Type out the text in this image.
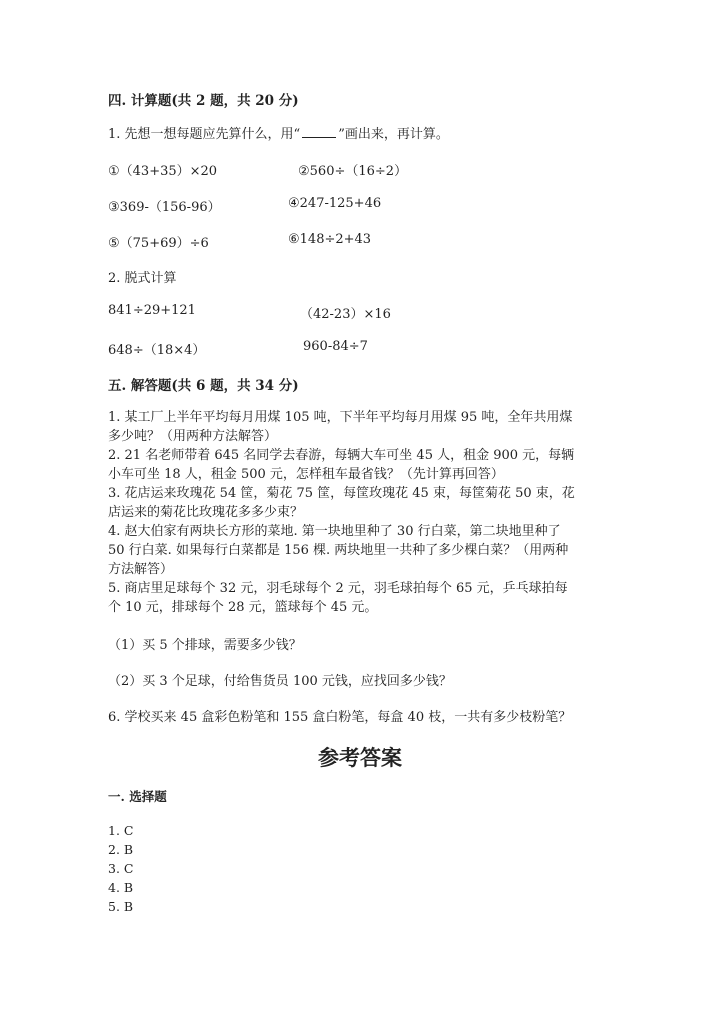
四. 计算题(共 2 题，共 20 分)
1. 先想一想每题应先算什么，用“	”画出来，再计算。
①（43+35）×20	②560÷（16÷2）
③369-（156-96）	④247-125+46
⑤（75+69）÷6	⑥148÷2+43
2. 脱式计算
841÷29+121	（42-23）×16
648÷（18×4）	960-84÷7
五. 解答题(共 6 题，共 34 分)
1. 某工厂上半年平均每月用煤 105 吨，下半年平均每月用煤 95 吨，全年共用煤
多少吨？（用两种方法解答）
2. 21 名老师带着 645 名同学去春游，每辆大车可坐 45 人，租金 900 元，每辆
小车可坐 18 人，租金 500 元，怎样租车最省钱？（先计算再回答）
3. 花店运来玫瑰花 54 筐，菊花 75 筐，每筐玫瑰花 45 束，每筐菊花 50 束，花
店运来的菊花比玫瑰花多多少束？
4. 赵大伯家有两块长方形的菜地. 第一块地里种了 30 行白菜，第二块地里种了
50 行白菜. 如果每行白菜都是 156 棵. 两块地里一共种了多少棵白菜？（用两种
方法解答）
5. 商店里足球每个 32 元，羽毛球每个 2 元，羽毛球拍每个 65 元，乒乓球拍每
个 10 元，排球每个 28 元，篮球每个 45 元。
（1）买 5 个排球，需要多少钱？
（2）买 3 个足球，付给售货员 100 元钱，应找回多少钱？
6. 学校买来 45 盒彩色粉笔和 155 盒白粉笔，每盒 40 枝，一共有多少枝粉笔？
参考答案
一. 选择题
1. C
2. B
3. C
4. B
5. B
